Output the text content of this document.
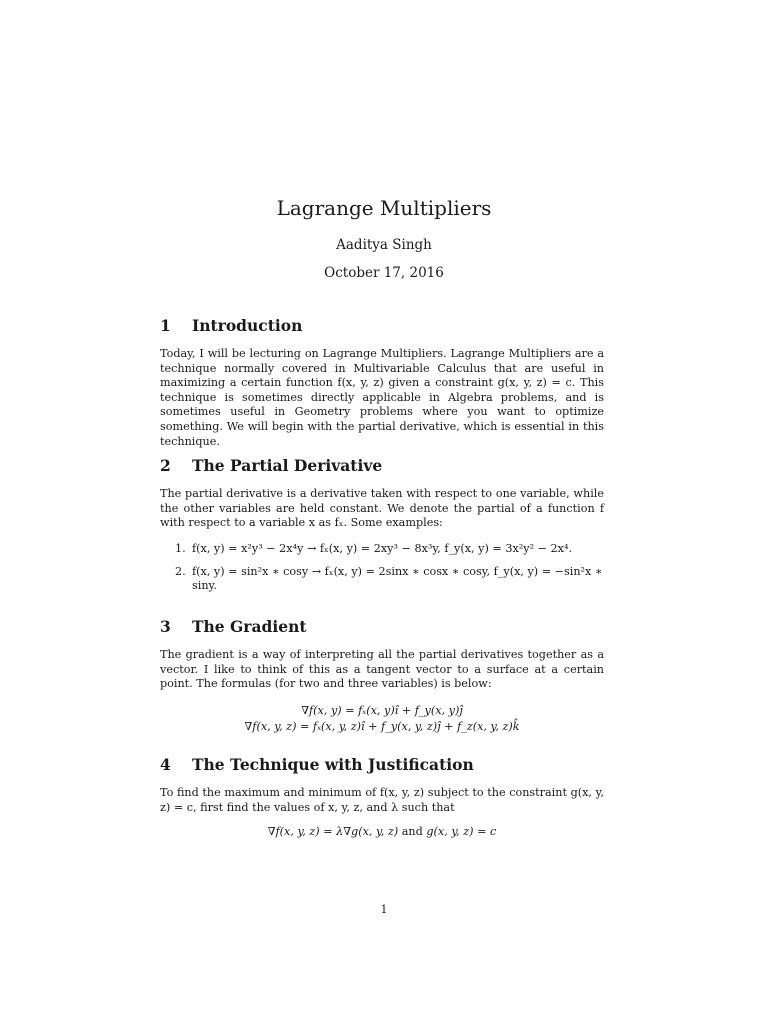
Lagrange Multipliers
Aaditya Singh
October 17, 2016
1 Introduction

Today, I will be lecturing on Lagrange Multipliers. Lagrange Multipliers are a technique normally covered in Multivariable Calculus that are useful in maximizing a certain function f(x, y, z) given a constraint g(x, y, z) = c. This technique is sometimes directly applicable in Algebra problems, and is sometimes useful in Geometry problems where you want to optimize something. We will begin with the partial derivative, which is essential in this technique.

2 The Partial Derivative

The partial derivative is a derivative taken with respect to one variable, while the other variables are held constant. We denote the partial of a function f with respect to a variable x as fₓ. Some examples:

1. f(x, y) = x²y³ − 2x⁴y → fₓ(x, y) = 2xy³ − 8x³y, f_y(x, y) = 3x²y² − 2x⁴.
2. f(x, y) = sin²x ∗ cosy → fₓ(x, y) = 2sinx ∗ cosx ∗ cosy, f_y(x, y) = −sin²x ∗ siny.
3 The Gradient

The gradient is a way of interpreting all the partial derivatives together as a vector. I like to think of this as a tangent vector to a surface at a certain point. The formulas (for two and three variables) is below:

∇f(x, y) = fₓ(x, y)î + f_y(x, y)ĵ
∇f(x, y, z) = fₓ(x, y, z)î + f_y(x, y, z)ĵ + f_z(x, y, z)k̂
4 The Technique with Justification

To find the maximum and minimum of f(x, y, z) subject to the constraint g(x, y, z) = c, first find the values of x, y, z, and λ such that

∇f(x, y, z) = λ∇g(x, y, z) and g(x, y, z) = c
1
